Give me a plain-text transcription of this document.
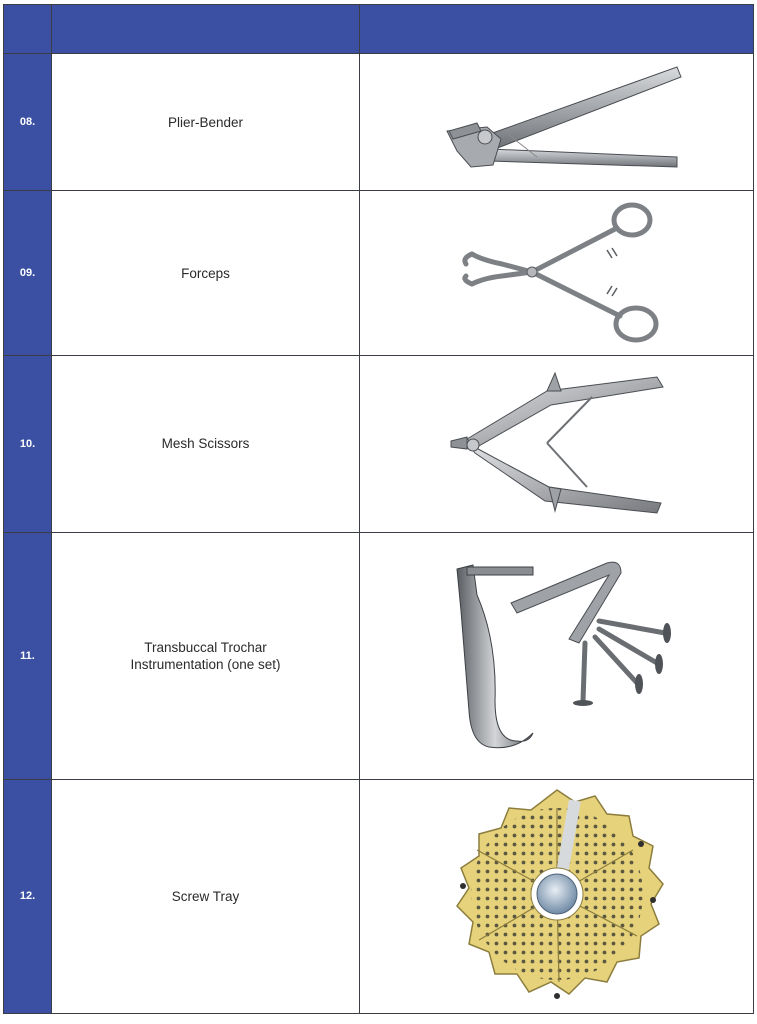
08.	Plier-Bender	

09.	Forceps	

10.	Mesh Scissors	

11.	Transbuccal Trochar
Instrumentation (one set)

12.	Screw Tray	
